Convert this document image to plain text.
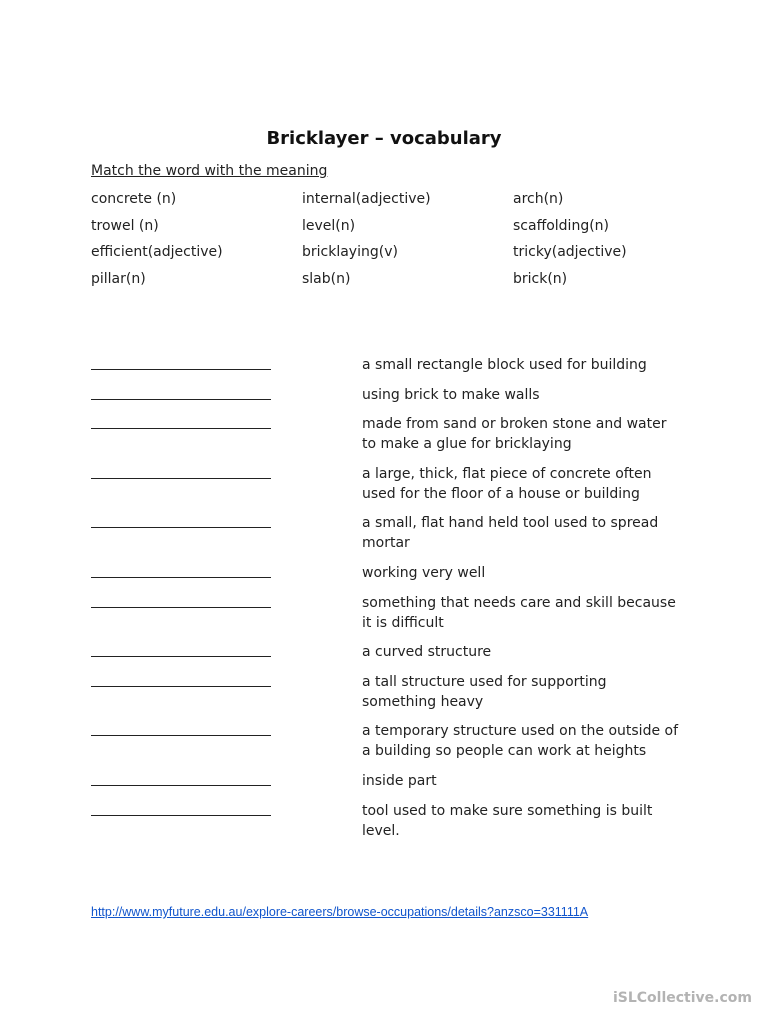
Bricklayer – vocabulary
Match the word with the meaning
concrete (n)	internal(adjective)	arch(n)
trowel (n)	level(n)	scaffolding(n)
efficient(adjective)	bricklaying(v)	tricky(adjective)
pillar(n)	slab(n)	brick(n)
a small rectangle block used for building
using brick to make walls
made from sand or broken stone and water to make a glue for bricklaying
a large, thick, flat piece of concrete often used for the floor of a house or building
a small, flat hand held tool used to spread mortar
working very well
something that needs care and skill because it is difficult
a curved structure
a tall structure used for supporting something heavy
a temporary structure used on the outside of a building so people can work at heights
inside part
tool used to make sure something is built level.
http://www.myfuture.edu.au/explore-careers/browse-occupations/details?anzsco=331111A
iSLCollective.com
